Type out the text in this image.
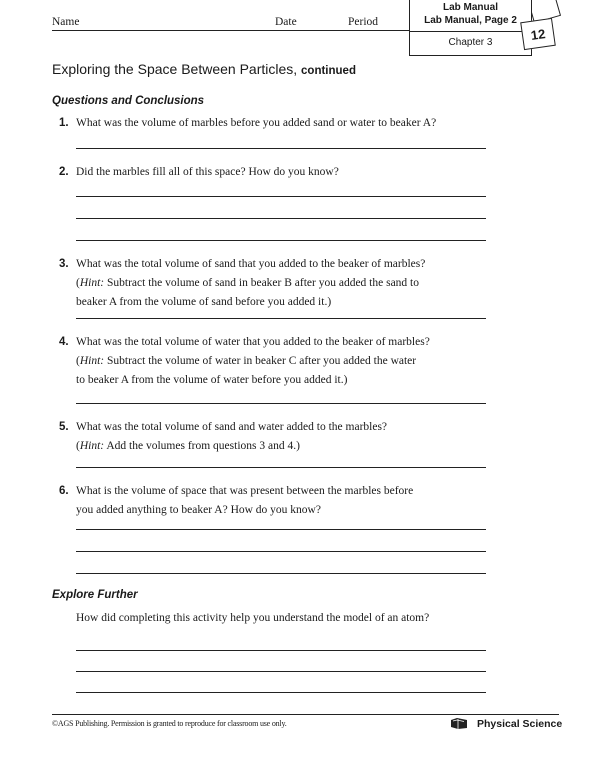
Name	Date	Period
Lab Manual
Lab Manual, Page 2
Chapter 3
12
Exploring the Space Between Particles, continued
Questions and Conclusions
1. What was the volume of marbles before you added sand or water to beaker A?
2. Did the marbles fill all of this space? How do you know?
3. What was the total volume of sand that you added to the beaker of marbles?
(Hint: Subtract the volume of sand in beaker B after you added the sand to
beaker A from the volume of sand before you added it.)
4. What was the total volume of water that you added to the beaker of marbles?
(Hint: Subtract the volume of water in beaker C after you added the water
to beaker A from the volume of water before you added it.)
5. What was the total volume of sand and water added to the marbles?
(Hint: Add the volumes from questions 3 and 4.)
6. What is the volume of space that was present between the marbles before
you added anything to beaker A? How do you know?
Explore Further
How did completing this activity help you understand the model of an atom?
©AGS Publishing. Permission is granted to reproduce for classroom use only.	Physical Science
